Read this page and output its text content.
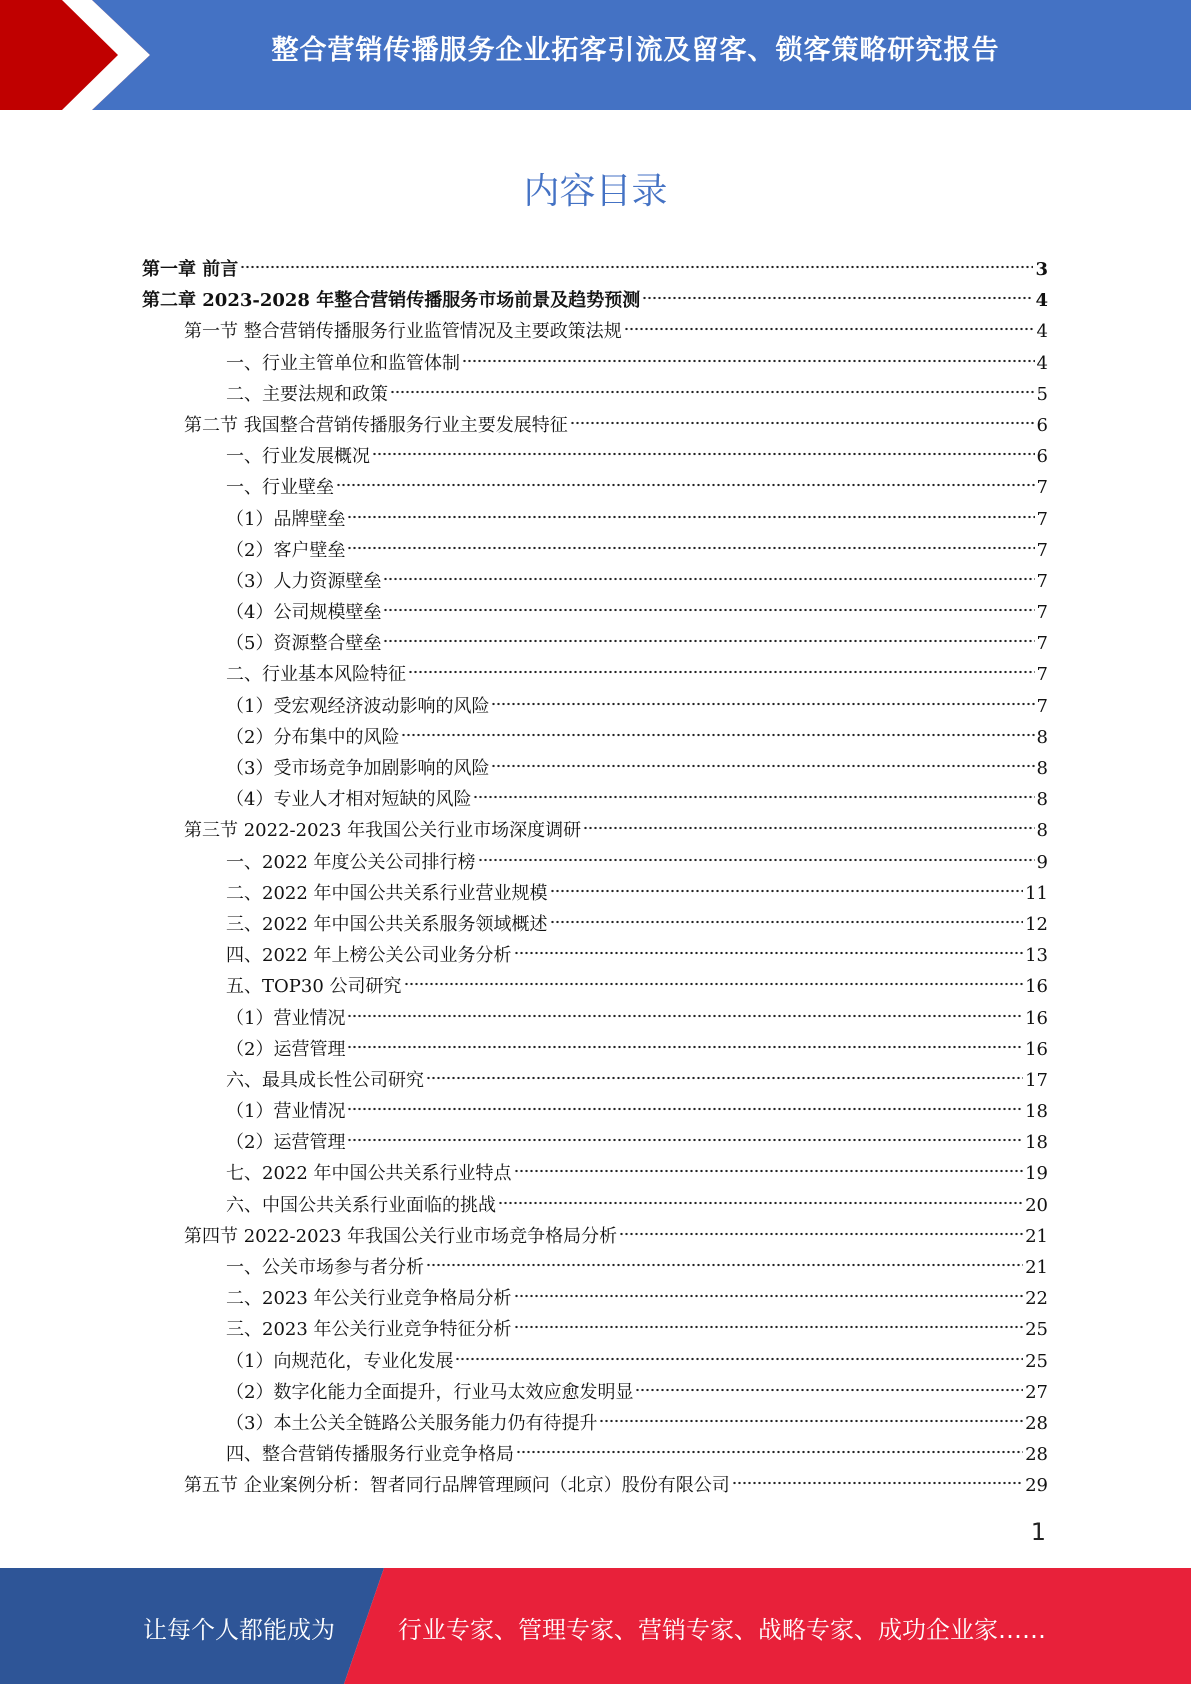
整合营销传播服务企业拓客引流及留客、锁客策略研究报告
内容目录
第一章 前言	3
第二章 2023-2028 年整合营销传播服务市场前景及趋势预测	4
第一节 整合营销传播服务行业监管情况及主要政策法规	4
一、行业主管单位和监管体制	4
二、主要法规和政策	5
第二节 我国整合营销传播服务行业主要发展特征	6
一、行业发展概况	6
一、行业壁垒	7
（1）品牌壁垒	7
（2）客户壁垒	7
（3）人力资源壁垒	7
（4）公司规模壁垒	7
（5）资源整合壁垒	7
二、行业基本风险特征	7
（1）受宏观经济波动影响的风险	7
（2）分布集中的风险	8
（3）受市场竞争加剧影响的风险	8
（4）专业人才相对短缺的风险	8
第三节 2022-2023 年我国公关行业市场深度调研	8
一、2022 年度公关公司排行榜	9
二、2022 年中国公共关系行业营业规模	11
三、2022 年中国公共关系服务领域概述	12
四、2022 年上榜公关公司业务分析	13
五、TOP30 公司研究	16
（1）营业情况	16
（2）运营管理	16
六、最具成长性公司研究	17
（1）营业情况	18
（2）运营管理	18
七、2022 年中国公共关系行业特点	19
六、中国公共关系行业面临的挑战	20
第四节 2022-2023 年我国公关行业市场竞争格局分析	21
一、公关市场参与者分析	21
二、2023 年公关行业竞争格局分析	22
三、2023 年公关行业竞争特征分析	25
（1）向规范化，专业化发展	25
（2）数字化能力全面提升，行业马太效应愈发明显	27
（3）本土公关全链路公关服务能力仍有待提升	28
四、整合营销传播服务行业竞争格局	28
第五节 企业案例分析：智者同行品牌管理顾问（北京）股份有限公司	29
1
让每个人都能成为	行业专家、管理专家、营销专家、战略专家、成功企业家……
